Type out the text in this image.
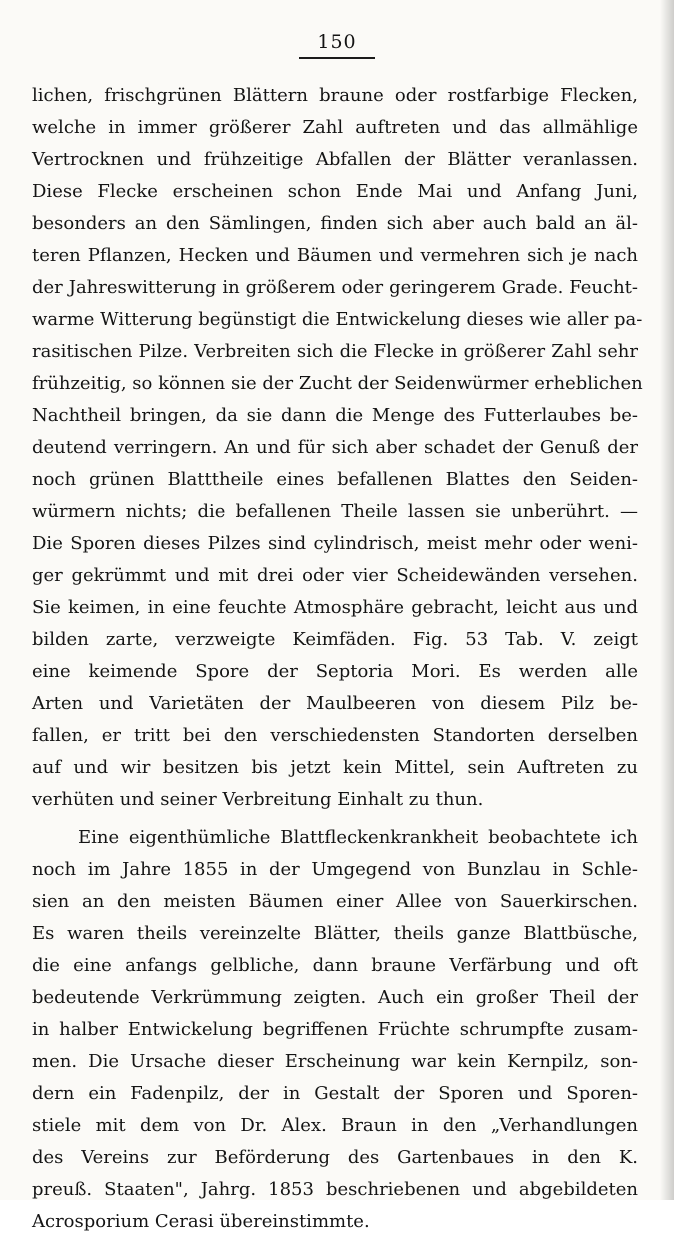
150
lichen, frischgrünen Blättern braune oder rostfarbige Flecken,
welche in immer größerer Zahl auftreten und das allmählige
Vertrocknen und frühzeitige Abfallen der Blätter veranlassen.
Diese Flecke erscheinen schon Ende Mai und Anfang Juni,
besonders an den Sämlingen, finden sich aber auch bald an äl-
teren Pflanzen, Hecken und Bäumen und vermehren sich je nach
der Jahreswitterung in größerem oder geringerem Grade. Feucht-
warme Witterung begünstigt die Entwickelung dieses wie aller pa-
rasitischen Pilze. Verbreiten sich die Flecke in größerer Zahl sehr
frühzeitig, so können sie der Zucht der Seidenwürmer erheblichen
Nachtheil bringen, da sie dann die Menge des Futterlaubes be-
deutend verringern. An und für sich aber schadet der Genuß der
noch grünen Blatttheile eines befallenen Blattes den Seiden-
würmern nichts; die befallenen Theile lassen sie unberührt. —
Die Sporen dieses Pilzes sind cylindrisch, meist mehr oder weni-
ger gekrümmt und mit drei oder vier Scheidewänden versehen.
Sie keimen, in eine feuchte Atmosphäre gebracht, leicht aus und
bilden zarte, verzweigte Keimfäden. Fig. 53 Tab. V. zeigt
eine keimende Spore der Septoria Mori. Es werden alle
Arten und Varietäten der Maulbeeren von diesem Pilz be-
fallen, er tritt bei den verschiedensten Standorten derselben
auf und wir besitzen bis jetzt kein Mittel, sein Auftreten zu
verhüten und seiner Verbreitung Einhalt zu thun.
Eine eigenthümliche Blattfleckenkrankheit beobachtete ich
noch im Jahre 1855 in der Umgegend von Bunzlau in Schle-
sien an den meisten Bäumen einer Allee von Sauerkirschen.
Es waren theils vereinzelte Blätter, theils ganze Blattbüsche,
die eine anfangs gelbliche, dann braune Verfärbung und oft
bedeutende Verkrümmung zeigten. Auch ein großer Theil der
in halber Entwickelung begriffenen Früchte schrumpfte zusam-
men. Die Ursache dieser Erscheinung war kein Kernpilz, son-
dern ein Fadenpilz, der in Gestalt der Sporen und Sporen-
stiele mit dem von Dr. Alex. Braun in den „Verhandlungen
des Vereins zur Beförderung des Gartenbaues in den K.
preuß. Staaten", Jahrg. 1853 beschriebenen und abgebildeten
Acrosporium Cerasi übereinstimmte.
